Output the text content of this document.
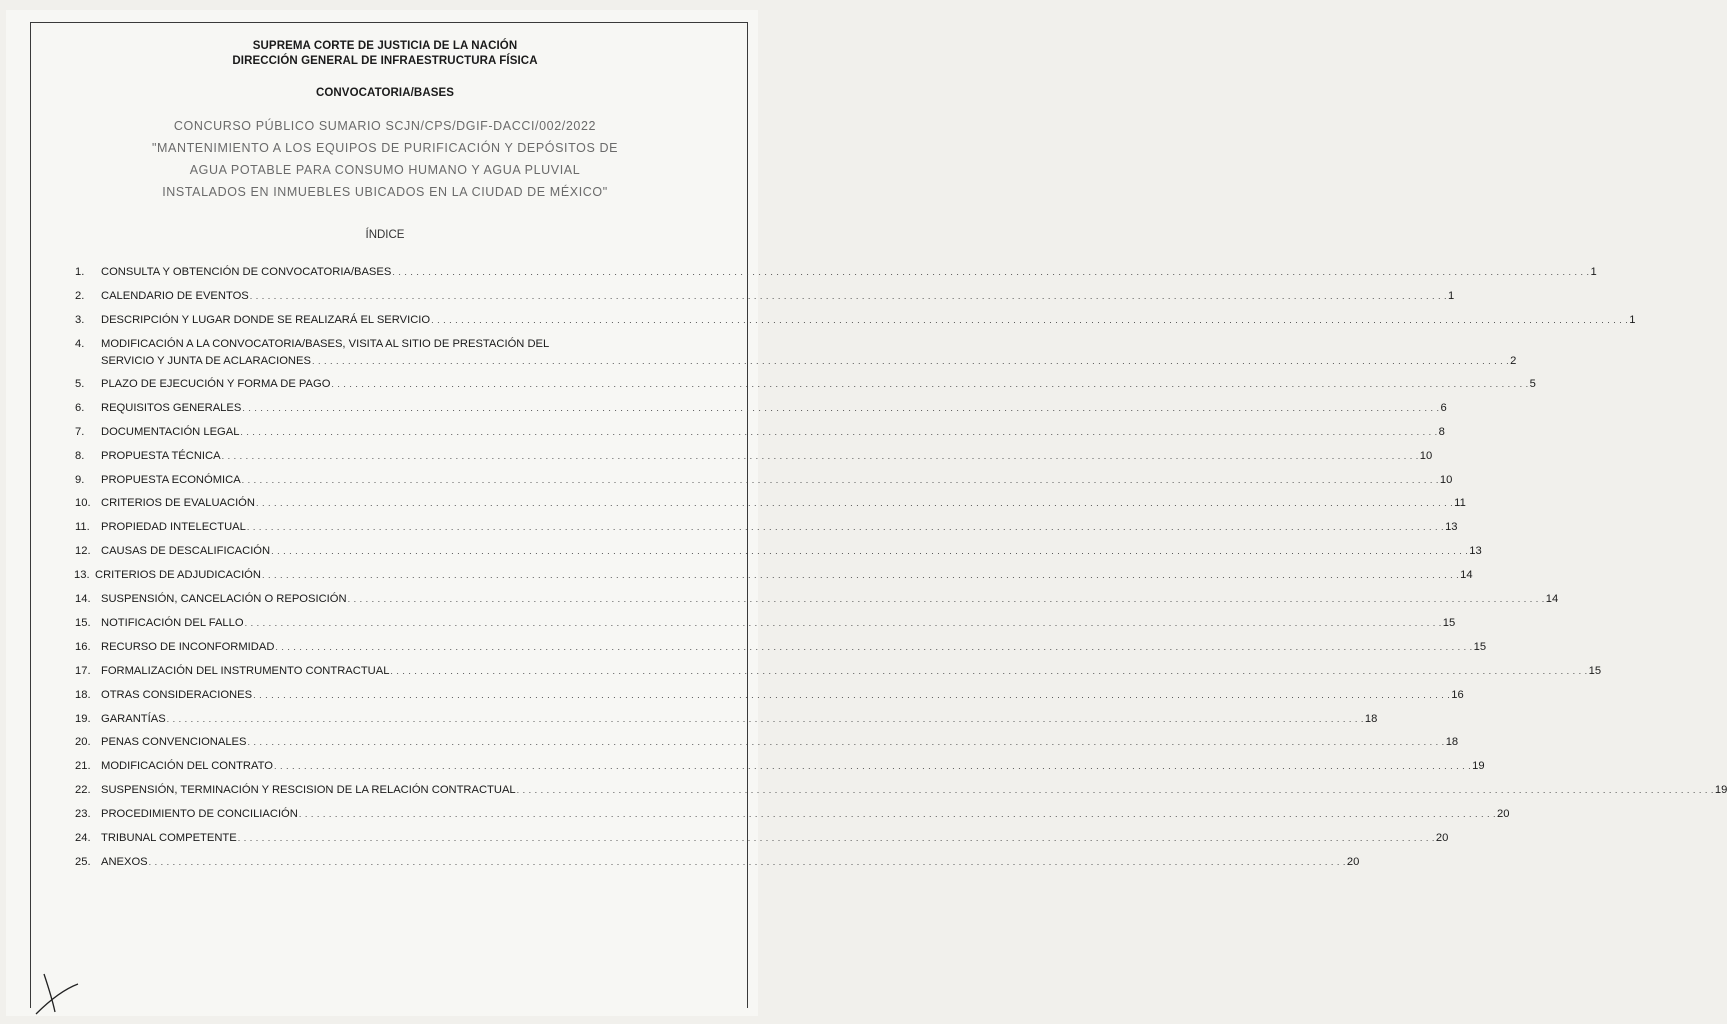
SUPREMA CORTE DE JUSTICIA DE LA NACIÓN
DIRECCIÓN GENERAL DE INFRAESTRUCTURA FÍSICA
CONVOCATORIA/BASES
CONCURSO PÚBLICO SUMARIO SCJN/CPS/DGIF-DACCI/002/2022
"MANTENIMIENTO A LOS EQUIPOS DE PURIFICACIÓN Y DEPÓSITOS DE
AGUA POTABLE PARA CONSUMO HUMANO Y AGUA PLUVIAL
INSTALADOS EN INMUEBLES UBICADOS EN LA CIUDAD DE MÉXICO"
ÍNDICE
1. CONSULTA Y OBTENCIÓN DE CONVOCATORIA/BASES . . . . . . . . . . . . . . . . . . . . . . . . . . . . . . . . . . . . . . . . . . . . . . . . . . . . . . . . . . . . . . . . . . . . . . . . . . . . . . . . . . . . . . . . . . . . . . . . . . . . . . . . . . . . . . . . . . . . . . . . . . . . . . . . . . . . . . . . . . . . . . . . . . . . . . . . . . . . . . . . . . . . . . . . . . . . . . . . . . . . . . . . . . . . . . . . . . . . . . . . 1
2. CALENDARIO DE EVENTOS . . . . . . . . . . . . . . . . . . . . . . . . . . . . . . . . . . . . . . . . . . . . . . . . . . . . . . . . . . . . . . . . . . . . . . . . . . . . . . . . . . . . . . . . . . . . . . . . . . . . . . . . . . . . . . . . . . . . . . . . . . . . . . . . . . . . . . . . . . . . . . . . . . . . . . . . . . . . . . . . . . . . . . . . . . . . . . . . . . . . . . . . . . . . . . . . . . . . . . . . 1
3. DESCRIPCIÓN Y LUGAR DONDE SE REALIZARÁ EL SERVICIO . . . . . . . . . . . . . . . . . . . . . . . . . . . . . . . . . . . . . . . . . . . . . . . . . . . . . . . . . . . . . . . . . . . . . . . . . . . . . . . . . . . . . . . . . . . . . . . . . . . . . . . . . . . . . . . . . . . . . . . . . . . . . . . . . . . . . . . . . . . . . . . . . . . . . . . . . . . . . . . . . . . . . . . . . . . . . . . . . . . . . . . . . . . . . . . . . . . . . . . . 1
4. MODIFICACIÓN A LA CONVOCATORIA/BASES, VISITA AL SITIO DE PRESTACIÓN DEL
SERVICIO Y JUNTA DE ACLARACIONES . . . . . . . . . . . . . . . . . . . . . . . . . . . . . . . . . . . . . . . . . . . . . . . . . . . . . . . . . . . . . . . . . . . . . . . . . . . . . . . . . . . . . . . . . . . . . . . . . . . . . . . . . . . . . . . . . . . . . . . . . . . . . . . . . . . . . . . . . . . . . . . . . . . . . . . . . . . . . . . . . . . . . . . . . . . . . . . . . . . . . . . . . . . . . . . . . . . . . . . . 2
5. PLAZO DE EJECUCIÓN Y FORMA DE PAGO . . . . . . . . . . . . . . . . . . . . . . . . . . . . . . . . . . . . . . . . . . . . . . . . . . . . . . . . . . . . . . . . . . . . . . . . . . . . . . . . . . . . . . . . . . . . . . . . . . . . . . . . . . . . . . . . . . . . . . . . . . . . . . . . . . . . . . . . . . . . . . . . . . . . . . . . . . . . . . . . . . . . . . . . . . . . . . . . . . . . . . . . . . . . . . . . . . . . . . . . 5
6. REQUISITOS GENERALES . . . . . . . . . . . . . . . . . . . . . . . . . . . . . . . . . . . . . . . . . . . . . . . . . . . . . . . . . . . . . . . . . . . . . . . . . . . . . . . . . . . . . . . . . . . . . . . . . . . . . . . . . . . . . . . . . . . . . . . . . . . . . . . . . . . . . . . . . . . . . . . . . . . . . . . . . . . . . . . . . . . . . . . . . . . . . . . . . . . . . . . . . . . . . . . . . . . . . . . . 6
7. DOCUMENTACIÓN LEGAL . . . . . . . . . . . . . . . . . . . . . . . . . . . . . . . . . . . . . . . . . . . . . . . . . . . . . . . . . . . . . . . . . . . . . . . . . . . . . . . . . . . . . . . . . . . . . . . . . . . . . . . . . . . . . . . . . . . . . . . . . . . . . . . . . . . . . . . . . . . . . . . . . . . . . . . . . . . . . . . . . . . . . . . . . . . . . . . . . . . . . . . . . . . . . . . . . . . . . . . . 8
8. PROPUESTA TÉCNICA . . . . . . . . . . . . . . . . . . . . . . . . . . . . . . . . . . . . . . . . . . . . . . . . . . . . . . . . . . . . . . . . . . . . . . . . . . . . . . . . . . . . . . . . . . . . . . . . . . . . . . . . . . . . . . . . . . . . . . . . . . . . . . . . . . . . . . . . . . . . . . . . . . . . . . . . . . . . . . . . . . . . . . . . . . . . . . . . . . . . . . . . . . . . . . . . . . . . . . . . 10
9. PROPUESTA ECONÓMICA . . . . . . . . . . . . . . . . . . . . . . . . . . . . . . . . . . . . . . . . . . . . . . . . . . . . . . . . . . . . . . . . . . . . . . . . . . . . . . . . . . . . . . . . . . . . . . . . . . . . . . . . . . . . . . . . . . . . . . . . . . . . . . . . . . . . . . . . . . . . . . . . . . . . . . . . . . . . . . . . . . . . . . . . . . . . . . . . . . . . . . . . . . . . . . . . . . . . . . . . 10
10. CRITERIOS DE EVALUACIÓN . . . . . . . . . . . . . . . . . . . . . . . . . . . . . . . . . . . . . . . . . . . . . . . . . . . . . . . . . . . . . . . . . . . . . . . . . . . . . . . . . . . . . . . . . . . . . . . . . . . . . . . . . . . . . . . . . . . . . . . . . . . . . . . . . . . . . . . . . . . . . . . . . . . . . . . . . . . . . . . . . . . . . . . . . . . . . . . . . . . . . . . . . . . . . . . . . . . . . . . . 11
11. PROPIEDAD INTELECTUAL . . . . . . . . . . . . . . . . . . . . . . . . . . . . . . . . . . . . . . . . . . . . . . . . . . . . . . . . . . . . . . . . . . . . . . . . . . . . . . . . . . . . . . . . . . . . . . . . . . . . . . . . . . . . . . . . . . . . . . . . . . . . . . . . . . . . . . . . . . . . . . . . . . . . . . . . . . . . . . . . . . . . . . . . . . . . . . . . . . . . . . . . . . . . . . . . . . . . . . . . 13
12. CAUSAS DE DESCALIFICACIÓN . . . . . . . . . . . . . . . . . . . . . . . . . . . . . . . . . . . . . . . . . . . . . . . . . . . . . . . . . . . . . . . . . . . . . . . . . . . . . . . . . . . . . . . . . . . . . . . . . . . . . . . . . . . . . . . . . . . . . . . . . . . . . . . . . . . . . . . . . . . . . . . . . . . . . . . . . . . . . . . . . . . . . . . . . . . . . . . . . . . . . . . . . . . . . . . . . . . . . . . . 13
13. CRITERIOS DE ADJUDICACIÓN . . . . . . . . . . . . . . . . . . . . . . . . . . . . . . . . . . . . . . . . . . . . . . . . . . . . . . . . . . . . . . . . . . . . . . . . . . . . . . . . . . . . . . . . . . . . . . . . . . . . . . . . . . . . . . . . . . . . . . . . . . . . . . . . . . . . . . . . . . . . . . . . . . . . . . . . . . . . . . . . . . . . . . . . . . . . . . . . . . . . . . . . . . . . . . . . . . . . . . . . 14
14. SUSPENSIÓN, CANCELACIÓN O REPOSICIÓN . . . . . . . . . . . . . . . . . . . . . . . . . . . . . . . . . . . . . . . . . . . . . . . . . . . . . . . . . . . . . . . . . . . . . . . . . . . . . . . . . . . . . . . . . . . . . . . . . . . . . . . . . . . . . . . . . . . . . . . . . . . . . . . . . . . . . . . . . . . . . . . . . . . . . . . . . . . . . . . . . . . . . . . . . . . . . . . . . . . . . . . . . . . . . . . . . . . . . . . . 14
15. NOTIFICACIÓN DEL FALLO . . . . . . . . . . . . . . . . . . . . . . . . . . . . . . . . . . . . . . . . . . . . . . . . . . . . . . . . . . . . . . . . . . . . . . . . . . . . . . . . . . . . . . . . . . . . . . . . . . . . . . . . . . . . . . . . . . . . . . . . . . . . . . . . . . . . . . . . . . . . . . . . . . . . . . . . . . . . . . . . . . . . . . . . . . . . . . . . . . . . . . . . . . . . . . . . . . . . . . . . 15
16. RECURSO DE INCONFORMIDAD . . . . . . . . . . . . . . . . . . . . . . . . . . . . . . . . . . . . . . . . . . . . . . . . . . . . . . . . . . . . . . . . . . . . . . . . . . . . . . . . . . . . . . . . . . . . . . . . . . . . . . . . . . . . . . . . . . . . . . . . . . . . . . . . . . . . . . . . . . . . . . . . . . . . . . . . . . . . . . . . . . . . . . . . . . . . . . . . . . . . . . . . . . . . . . . . . . . . . . . . 15
17. FORMALIZACIÓN DEL INSTRUMENTO CONTRACTUAL . . . . . . . . . . . . . . . . . . . . . . . . . . . . . . . . . . . . . . . . . . . . . . . . . . . . . . . . . . . . . . . . . . . . . . . . . . . . . . . . . . . . . . . . . . . . . . . . . . . . . . . . . . . . . . . . . . . . . . . . . . . . . . . . . . . . . . . . . . . . . . . . . . . . . . . . . . . . . . . . . . . . . . . . . . . . . . . . . . . . . . . . . . . . . . . . . . . . . . . . 15
18. OTRAS CONSIDERACIONES . . . . . . . . . . . . . . . . . . . . . . . . . . . . . . . . . . . . . . . . . . . . . . . . . . . . . . . . . . . . . . . . . . . . . . . . . . . . . . . . . . . . . . . . . . . . . . . . . . . . . . . . . . . . . . . . . . . . . . . . . . . . . . . . . . . . . . . . . . . . . . . . . . . . . . . . . . . . . . . . . . . . . . . . . . . . . . . . . . . . . . . . . . . . . . . . . . . . . . . . 16
19. GARANTÍAS . . . . . . . . . . . . . . . . . . . . . . . . . . . . . . . . . . . . . . . . . . . . . . . . . . . . . . . . . . . . . . . . . . . . . . . . . . . . . . . . . . . . . . . . . . . . . . . . . . . . . . . . . . . . . . . . . . . . . . . . . . . . . . . . . . . . . . . . . . . . . . . . . . . . . . . . . . . . . . . . . . . . . . . . . . . . . . . . . . . . . . . . . . . . . . . . . . . . . . . . 18
20. PENAS CONVENCIONALES . . . . . . . . . . . . . . . . . . . . . . . . . . . . . . . . . . . . . . . . . . . . . . . . . . . . . . . . . . . . . . . . . . . . . . . . . . . . . . . . . . . . . . . . . . . . . . . . . . . . . . . . . . . . . . . . . . . . . . . . . . . . . . . . . . . . . . . . . . . . . . . . . . . . . . . . . . . . . . . . . . . . . . . . . . . . . . . . . . . . . . . . . . . . . . . . . . . . . . . . 18
21. MODIFICACIÓN DEL CONTRATO . . . . . . . . . . . . . . . . . . . . . . . . . . . . . . . . . . . . . . . . . . . . . . . . . . . . . . . . . . . . . . . . . . . . . . . . . . . . . . . . . . . . . . . . . . . . . . . . . . . . . . . . . . . . . . . . . . . . . . . . . . . . . . . . . . . . . . . . . . . . . . . . . . . . . . . . . . . . . . . . . . . . . . . . . . . . . . . . . . . . . . . . . . . . . . . . . . . . . . . . 19
22. SUSPENSIÓN, TERMINACIÓN Y RESCISION DE LA RELACIÓN CONTRACTUAL . . . . . . . . . . . . . . . . . . . . . . . . . . . . . . . . . . . . . . . . . . . . . . . . . . . . . . . . . . . . . . . . . . . . . . . . . . . . . . . . . . . . . . . . . . . . . . . . . . . . . . . . . . . . . . . . . . . . . . . . . . . . . . . . . . . . . . . . . . . . . . . . . . . . . . . . . . . . . . . . . . . . . . . . . . . . . . . . . . . . . . . . . . . . . . . . . . . . . . . . 19
23. PROCEDIMIENTO DE CONCILIACIÓN . . . . . . . . . . . . . . . . . . . . . . . . . . . . . . . . . . . . . . . . . . . . . . . . . . . . . . . . . . . . . . . . . . . . . . . . . . . . . . . . . . . . . . . . . . . . . . . . . . . . . . . . . . . . . . . . . . . . . . . . . . . . . . . . . . . . . . . . . . . . . . . . . . . . . . . . . . . . . . . . . . . . . . . . . . . . . . . . . . . . . . . . . . . . . . . . . . . . . . . . 20
24. TRIBUNAL COMPETENTE . . . . . . . . . . . . . . . . . . . . . . . . . . . . . . . . . . . . . . . . . . . . . . . . . . . . . . . . . . . . . . . . . . . . . . . . . . . . . . . . . . . . . . . . . . . . . . . . . . . . . . . . . . . . . . . . . . . . . . . . . . . . . . . . . . . . . . . . . . . . . . . . . . . . . . . . . . . . . . . . . . . . . . . . . . . . . . . . . . . . . . . . . . . . . . . . . . . . . . . . 20
25. ANEXOS . . . . . . . . . . . . . . . . . . . . . . . . . . . . . . . . . . . . . . . . . . . . . . . . . . . . . . . . . . . . . . . . . . . . . . . . . . . . . . . . . . . . . . . . . . . . . . . . . . . . . . . . . . . . . . . . . . . . . . . . . . . . . . . . . . . . . . . . . . . . . . . . . . . . . . . . . . . . . . . . . . . . . . . . . . . . . . . . . . . . . . . . . . . . . . . . . . . . . . . . 20
